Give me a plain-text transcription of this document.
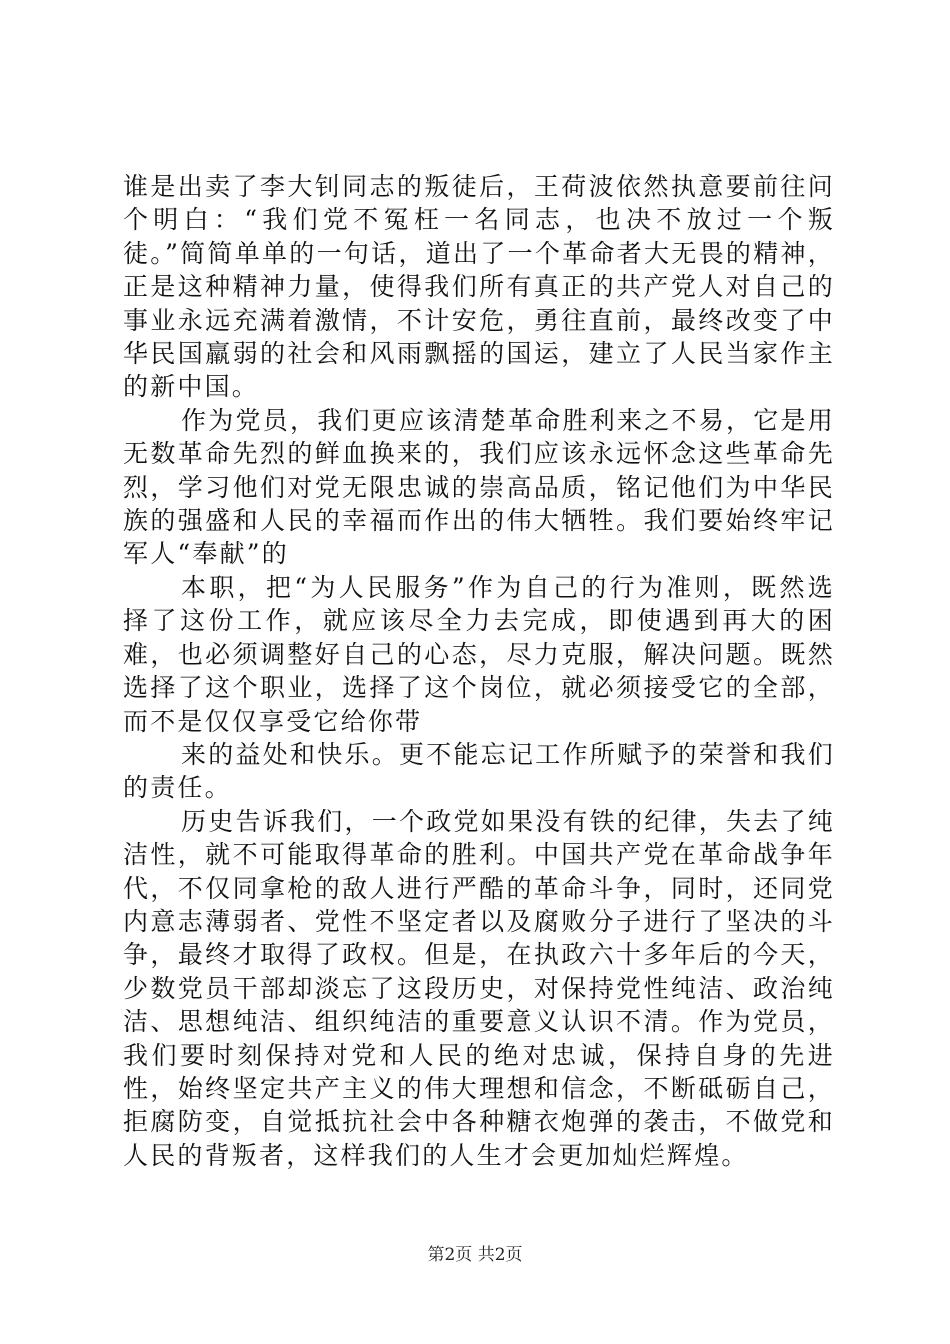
谁是出卖了李大钊同志的叛徒后，王荷波依然执意要前往问个明白：“我们党不冤枉一名同志，也决不放过一个叛徒。”简简单单的一句话，道出了一个革命者大无畏的精神，正是这种精神力量，使得我们所有真正的共产党人对自己的事业永远充满着激情，不计安危，勇往直前，最终改变了中华民国羸弱的社会和风雨飘摇的国运，建立了人民当家作主的新中国。

作为党员，我们更应该清楚革命胜利来之不易，它是用无数革命先烈的鲜血换来的，我们应该永远怀念这些革命先烈，学习他们对党无限忠诚的崇高品质，铭记他们为中华民族的强盛和人民的幸福而作出的伟大牺牲。我们要始终牢记军人“奉献”的

本职，把“为人民服务”作为自己的行为准则，既然选择了这份工作，就应该尽全力去完成，即使遇到再大的困难，也必须调整好自己的心态，尽力克服，解决问题。既然选择了这个职业，选择了这个岗位，就必须接受它的全部，而不是仅仅享受它给你带

来的益处和快乐。更不能忘记工作所赋予的荣誉和我们的责任。

历史告诉我们，一个政党如果没有铁的纪律，失去了纯洁性，就不可能取得革命的胜利。中国共产党在革命战争年代，不仅同拿枪的敌人进行严酷的革命斗争，同时，还同党内意志薄弱者、党性不坚定者以及腐败分子进行了坚决的斗争，最终才取得了政权。但是，在执政六十多年后的今天，少数党员干部却淡忘了这段历史，对保持党性纯洁、政治纯洁、思想纯洁、组织纯洁的重要意义认识不清。作为党员，我们要时刻保持对党和人民的绝对忠诚，保持自身的先进性，始终坚定共产主义的伟大理想和信念，不断砥砺自己，拒腐防变，自觉抵抗社会中各种糖衣炮弹的袭击，不做党和人民的背叛者，这样我们的人生才会更加灿烂辉煌。

第2页 共2页
